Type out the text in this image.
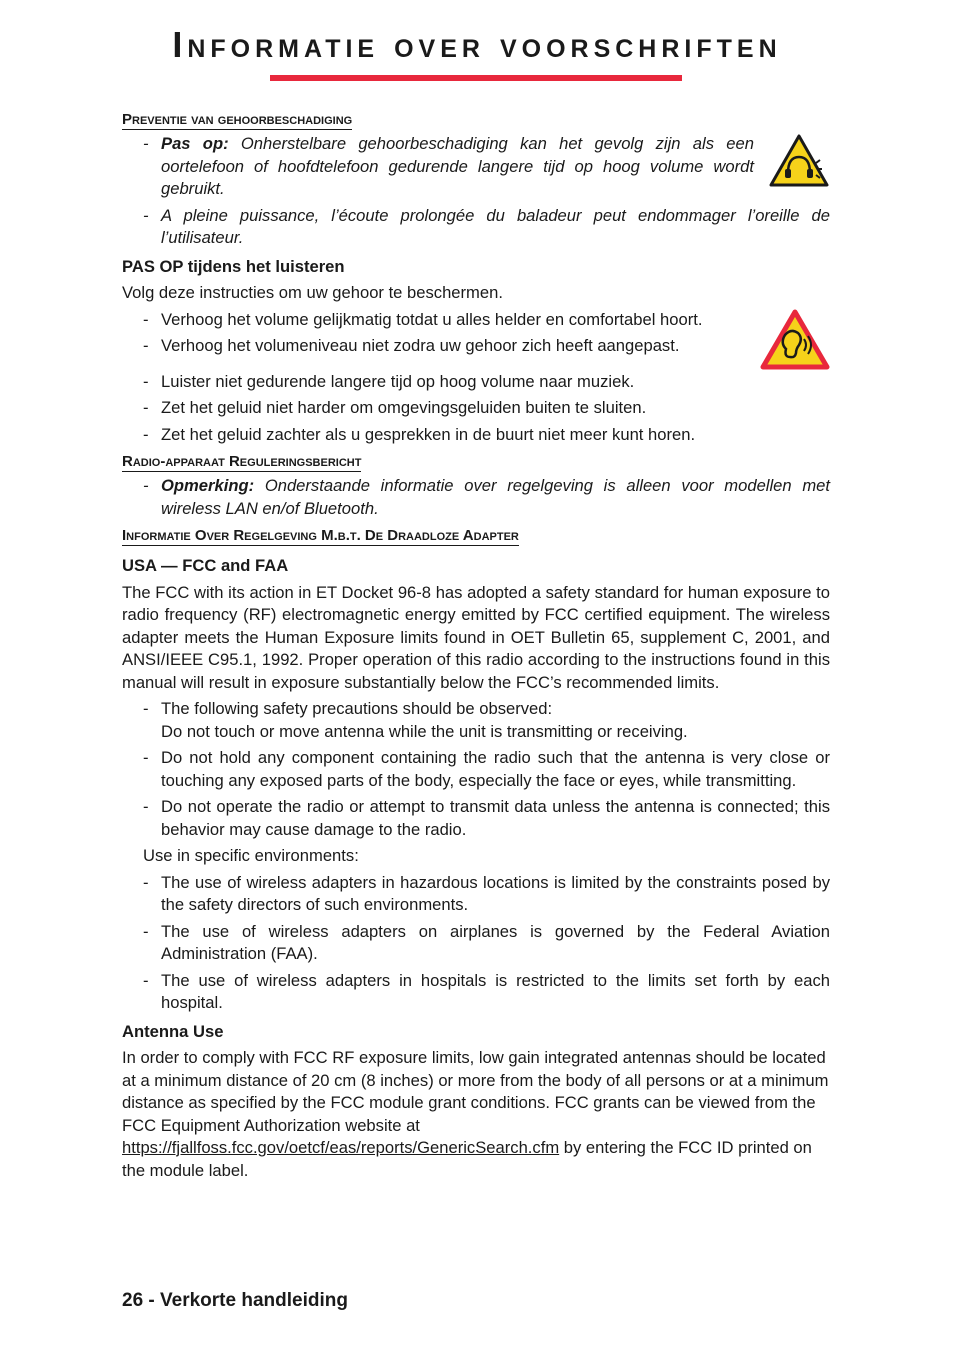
Informatie over voorschriften
Preventie van gehoorbeschadiging
- Pas op: Onherstelbare gehoorbeschadiging kan het gevolg zijn als een oortelefoon of hoofdtelefoon gedurende langere tijd op hoog volume wordt gebruikt.
- A pleine puissance, l’écoute prolongée du baladeur peut endommager l’oreille de l’utilisateur.
PAS OP tijdens het luisteren
Volg deze instructies om uw gehoor te beschermen.
- Verhoog het volume gelijkmatig totdat u alles helder en comfortabel hoort.
- Verhoog het volumeniveau niet zodra uw gehoor zich heeft aangepast.
- Luister niet gedurende langere tijd op hoog volume naar muziek.
- Zet het geluid niet harder om omgevingsgeluiden buiten te sluiten.
- Zet het geluid zachter als u gesprekken in de buurt niet meer kunt horen.
Radio-apparaat Reguleringsbericht
- Opmerking: Onderstaande informatie over regelgeving is alleen voor modellen met wireless LAN en/of Bluetooth.
Informatie Over Regelgeving M.b.t. De Draadloze Adapter
USA — FCC and FAA
The FCC with its action in ET Docket 96-8 has adopted a safety standard for human exposure to radio frequency (RF) electromagnetic energy emitted by FCC certified equipment. The wireless adapter meets the Human Exposure limits found in OET Bulletin 65, supplement C, 2001, and ANSI/IEEE C95.1, 1992. Proper operation of this radio according to the instructions found in this manual will result in exposure substantially below the FCC’s recommended limits.
- The following safety precautions should be observed:
Do not touch or move antenna while the unit is transmitting or receiving.
- Do not hold any component containing the radio such that the antenna is very close or touching any exposed parts of the body, especially the face or eyes, while transmitting.
- Do not operate the radio or attempt to transmit data unless the antenna is connected; this behavior may cause damage to the radio.
Use in specific environments:
- The use of wireless adapters in hazardous locations is limited by the constraints posed by the safety directors of such environments.
- The use of wireless adapters on airplanes is governed by the Federal Aviation Administration (FAA).
- The use of wireless adapters in hospitals is restricted to the limits set forth by each hospital.
Antenna Use
In order to comply with FCC RF exposure limits, low gain integrated antennas should be located at a minimum distance of 20 cm (8 inches) or more from the body of all persons or at a minimum distance as specified by the FCC module grant conditions. FCC grants can be viewed from the FCC Equipment Authorization website at https://fjallfoss.fcc.gov/oetcf/eas/reports/GenericSearch.cfm by entering the FCC ID printed on the module label.
26 - Verkorte handleiding
